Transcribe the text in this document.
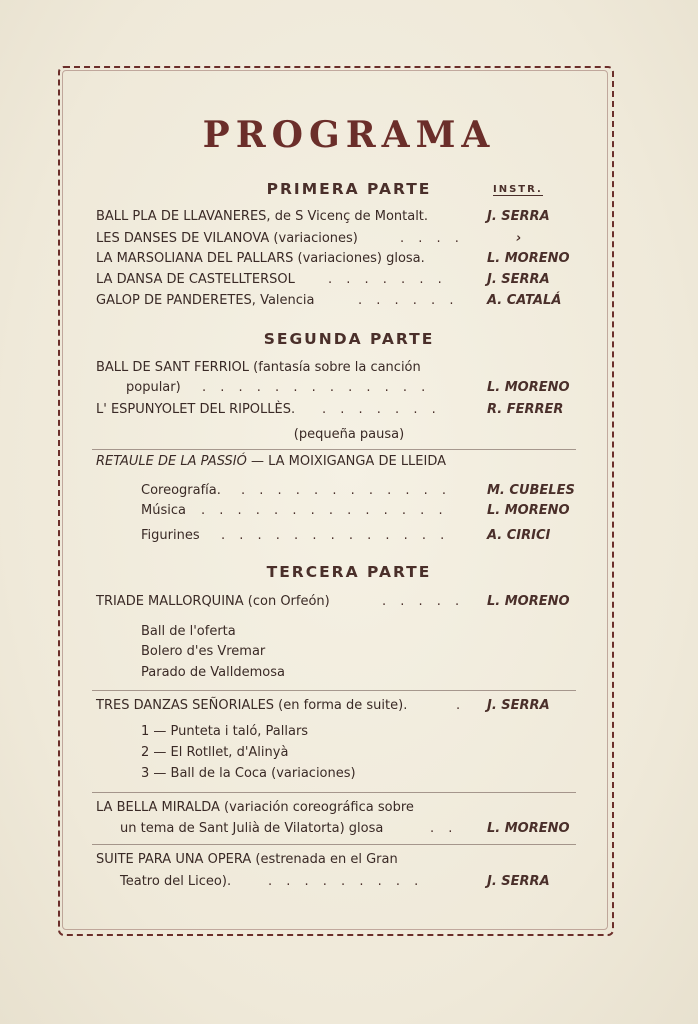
PROGRAMA
PRIMERA PARTE	INSTR.
BALL PLA DE LLAVANERES, de S Vicenç de Montalt.	J. SERRA
LES DANSES DE VILANOVA (variaciones)	. . . .	›
LA MARSOLIANA DEL PALLARS (variaciones) glosa.	L. MORENO
LA DANSA DE CASTELLTERSOL	. . . . . . .	J. SERRA
GALOP DE PANDERETES, Valencia	. . . . . . A. CATALÁ
SEGUNDA PARTE
BALL DE SANT FERRIOL (fantasía sobre la canción
popular) . . . . . . . . . . . . .	L. MORENO
L' ESPUNYOLET DEL RIPOLLÈS. . . . . . . .	R. FERRER
(pequeña pausa)
RETAULE DE LA PASSIÓ — LA MOIXIGANGA DE LLEIDA
Coreografía. . . . . . . . . . . . .	M. CUBELES
Música . . . . . . . . . . . . . .	L. MORENO
Figurines . . . . . . . . . . . . .	A. CIRICI
TERCERA PARTE
TRIADE MALLORQUINA (con Orfeón)	. . . . . L. MORENO
Ball de l'oferta
Bolero d'es Vremar
Parado de Valldemosa
TRES DANZAS SEÑORIALES (en forma de suite).	. J. SERRA
1 — Punteta i taló, Pallars
2 — El Rotllet, d'Alinyà
3 — Ball de la Coca (variaciones)
LA BELLA MIRALDA (variación coreográfica sobre
un tema de Sant Julià de Vilatorta) glosa	. . L. MORENO
SUITE PARA UNA OPERA (estrenada en el Gran
Teatro del Liceo).	. . . . . . . . .	J. SERRA
